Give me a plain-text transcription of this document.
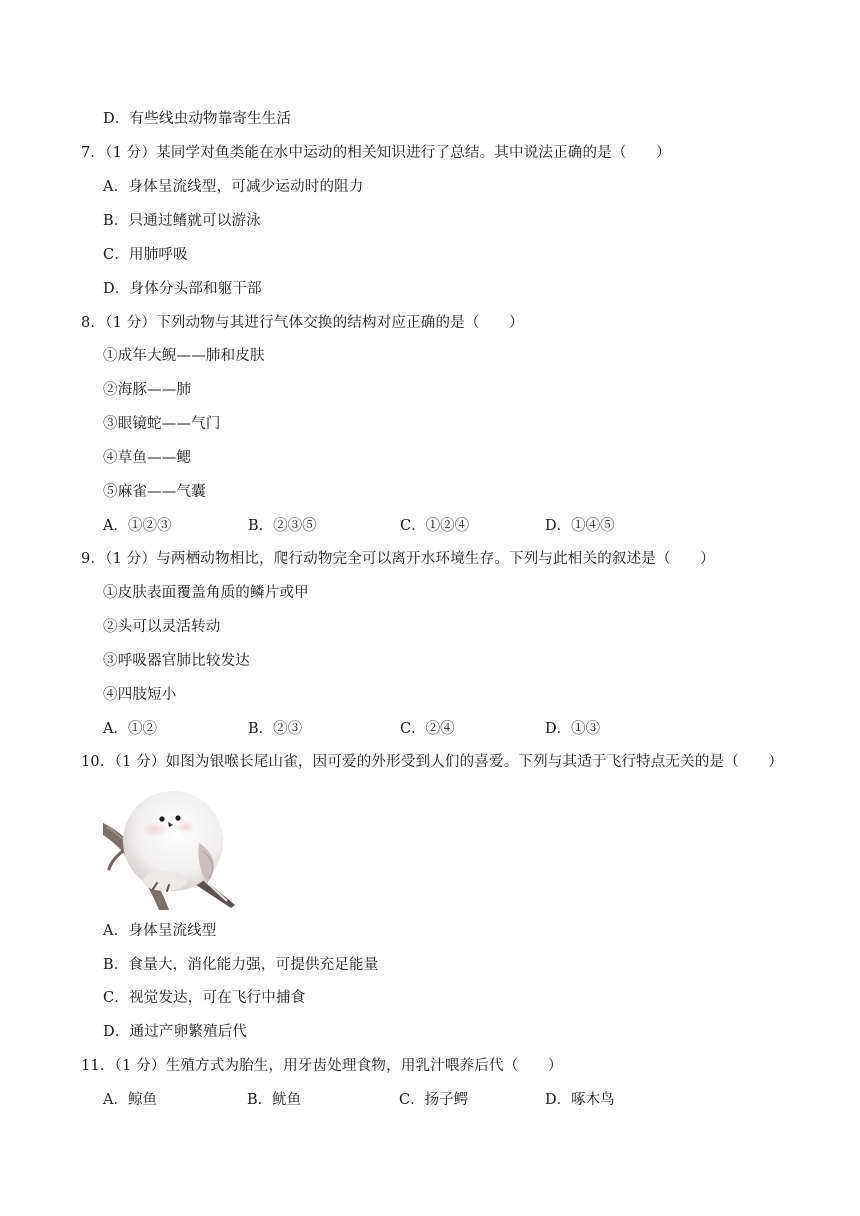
D．有些线虫动物靠寄生生活
7．（1 分）某同学对鱼类能在水中运动的相关知识进行了总结。其中说法正确的是（　　）
A．身体呈流线型，可减少运动时的阻力
B．只通过鳍就可以游泳
C．用肺呼吸
D．身体分头部和躯干部
8．（1 分）下列动物与其进行气体交换的结构对应正确的是（　　）
①成年大鲵——肺和皮肤
②海豚——肺
③眼镜蛇——气门
④草鱼——鳃
⑤麻雀——气囊
A．①②③	B．②③⑤	C．①②④	D．①④⑤
9．（1 分）与两栖动物相比，爬行动物完全可以离开水环境生存。下列与此相关的叙述是（　　）
①皮肤表面覆盖角质的鳞片或甲
②头可以灵活转动
③呼吸器官肺比较发达
④四肢短小
A．①②	B．②③	C．②④	D．①③
10．（1 分）如图为银喉长尾山雀，因可爱的外形受到人们的喜爱。下列与其适于飞行特点无关的是（　　）
A．身体呈流线型
B．食量大，消化能力强，可提供充足能量
C．视觉发达，可在飞行中捕食
D．通过产卵繁殖后代
11．（1 分）生殖方式为胎生，用牙齿处理食物，用乳汁喂养后代（　　）
A．鲸鱼	B．鱿鱼	C．扬子鳄	D．啄木鸟
